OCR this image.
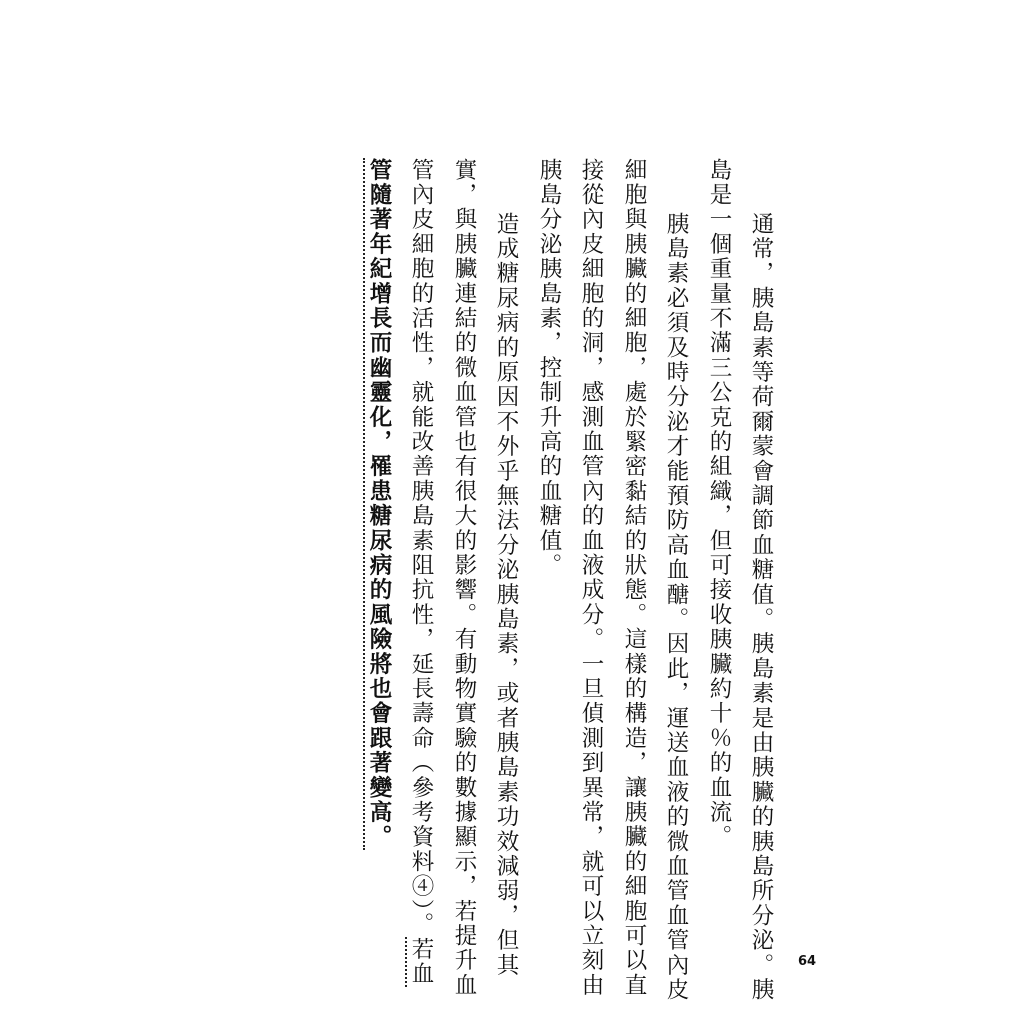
通常，胰島素等荷爾蒙會調節血糖值。胰島素是由胰臟的胰島所分泌。胰
島是一個重量不滿三公克的組織，但可接收胰臟約十％的血流。
胰島素必須及時分泌才能預防高血醣。因此，運送血液的微血管血管內皮
細胞與胰臟的細胞，處於緊密黏結的狀態。這樣的構造，讓胰臟的細胞可以直
接從內皮細胞的洞，感測血管內的血液成分。一旦偵測到異常，就可以立刻由
胰島分泌胰島素，控制升高的血糖值。
造成糖尿病的原因不外乎無法分泌胰島素，或者胰島素功效減弱，但其
實，與胰臟連結的微血管也有很大的影響。有動物實驗的數據顯示，若提升血
管內皮細胞的活性，就能改善胰島素阻抗性，延長壽命（參考資料④）。若血
管隨著年紀增長而幽靈化，罹患糖尿病的風險將也會跟著變高。
64
